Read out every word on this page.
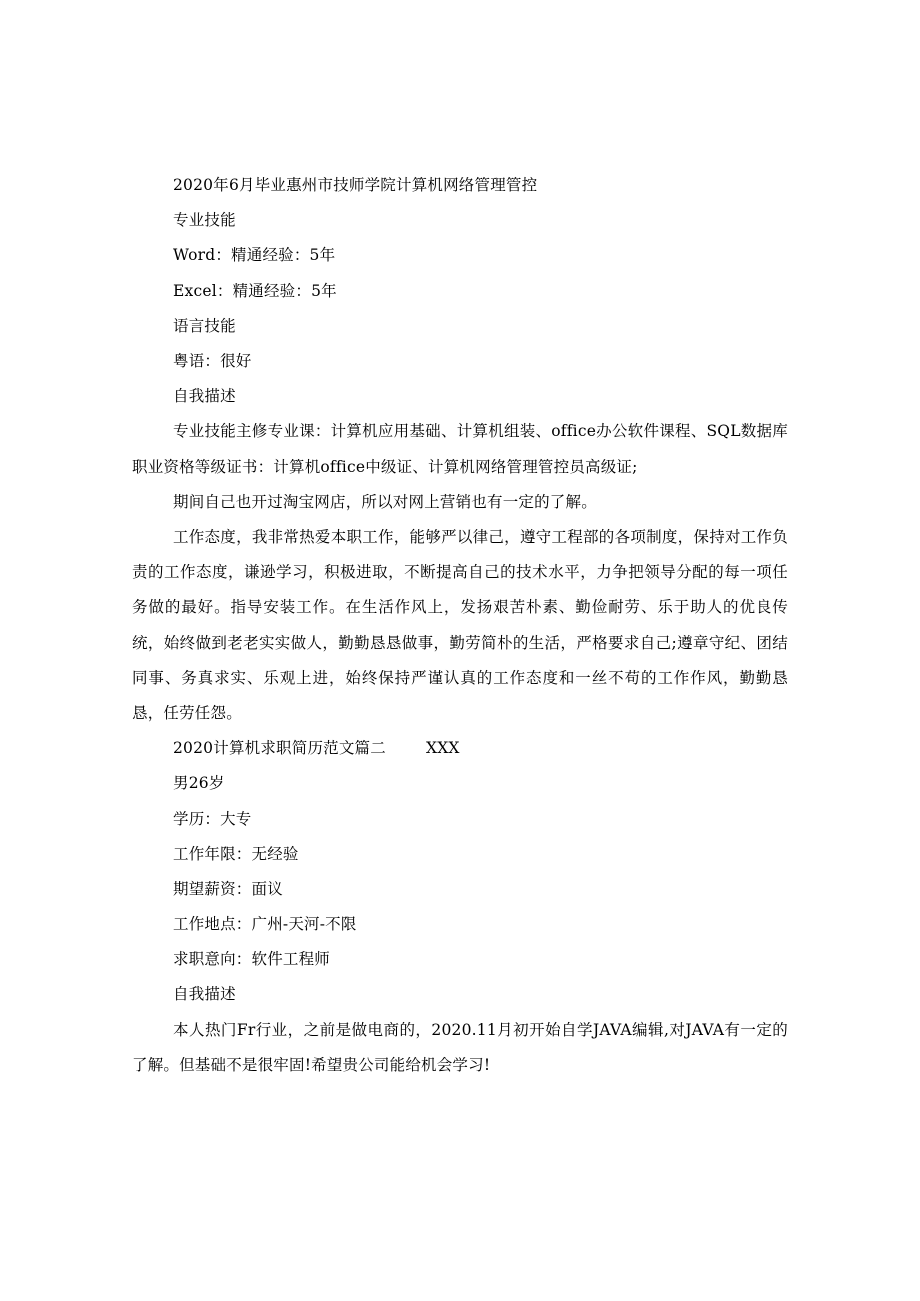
2020年6月毕业惠州市技师学院计算机网络管理管控
专业技能
Word：精通经验：5年
Excel：精通经验：5年
语言技能
粤语：很好
自我描述
专业技能主修专业课：计算机应用基础、计算机组装、office办公软件课程、SQL数据库职业资格等级证书：计算机office中级证、计算机网络管理管控员高级证;
期间自己也开过淘宝网店，所以对网上营销也有一定的了解。
工作态度，我非常热爱本职工作，能够严以律己，遵守工程部的各项制度，保持对工作负责的工作态度，谦逊学习，积极进取，不断提高自己的技术水平，力争把领导分配的每一项任务做的最好。指导安装工作。在生活作风上，发扬艰苦朴素、勤俭耐劳、乐于助人的优良传统，始终做到老老实实做人，勤勤恳恳做事，勤劳简朴的生活，严格要求自己;遵章守纪、团结同事、务真求实、乐观上进，始终保持严谨认真的工作态度和一丝不苟的工作作风，勤勤恳恳，任劳任怨。
2020计算机求职简历范文篇二	XXX
男26岁
学历：大专
工作年限：无经验
期望薪资：面议
工作地点：广州-天河-不限
求职意向：软件工程师
自我描述
本人热门Fr行业，之前是做电商的，2020.11月初开始自学JAVA编辑,对JAVA有一定的了解。但基础不是很牢固!希望贵公司能给机会学习!
